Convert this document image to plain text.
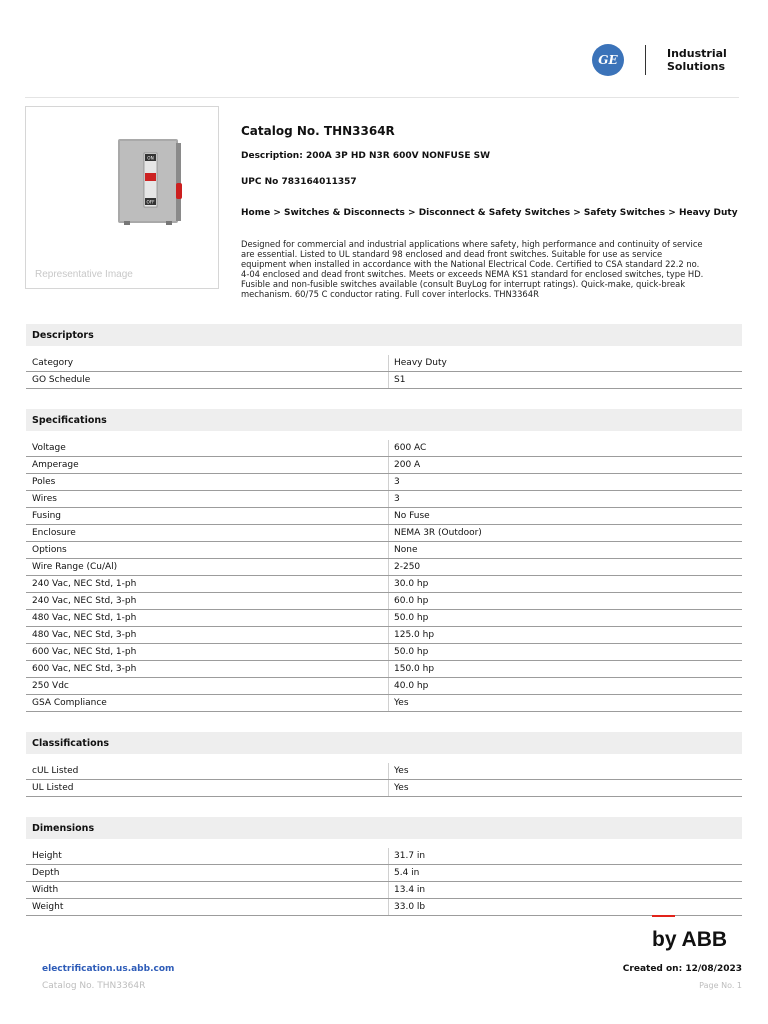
GE	Industrial
Solutions
ON
OFF
Representative Image
Catalog No. THN3364R
Description: 200A 3P HD N3R 600V NONFUSE SW
UPC No 783164011357
Home > Switches & Disconnects > Disconnect & Safety Switches > Safety Switches > Heavy Duty
Designed for commercial and industrial applications where safety, high performance and continuity of service
are essential. Listed to UL standard 98 enclosed and dead front switches. Suitable for use as service
equipment when installed in accordance with the National Electrical Code. Certified to CSA standard 22.2 no.
4-04 enclosed and dead front switches. Meets or exceeds NEMA KS1 standard for enclosed switches, type HD.
Fusible and non-fusible switches available (consult BuyLog for interrupt ratings). Quick-make, quick-break
mechanism. 60/75 C conductor rating. Full cover interlocks. THN3364R
Descriptors
Category	Heavy Duty
GO Schedule	S1
Specifications
Voltage	600 AC
Amperage	200 A
Poles	3
Wires	3
Fusing	No Fuse
Enclosure	NEMA 3R (Outdoor)
Options	None
Wire Range (Cu/Al)	2-250
240 Vac, NEC Std, 1-ph	30.0 hp
240 Vac, NEC Std, 3-ph	60.0 hp
480 Vac, NEC Std, 1-ph	50.0 hp
480 Vac, NEC Std, 3-ph	125.0 hp
600 Vac, NEC Std, 1-ph	50.0 hp
600 Vac, NEC Std, 3-ph	150.0 hp
250 Vdc	40.0 hp
GSA Compliance	Yes
Classifications
cUL Listed	Yes
UL Listed	Yes
Dimensions
Height	31.7 in
Depth	5.4 in
Width	13.4 in
Weight	33.0 lb
by ABB
electrification.us.abb.com	Created on: 12/08/2023
Catalog No. THN3364R	Page No. 1
